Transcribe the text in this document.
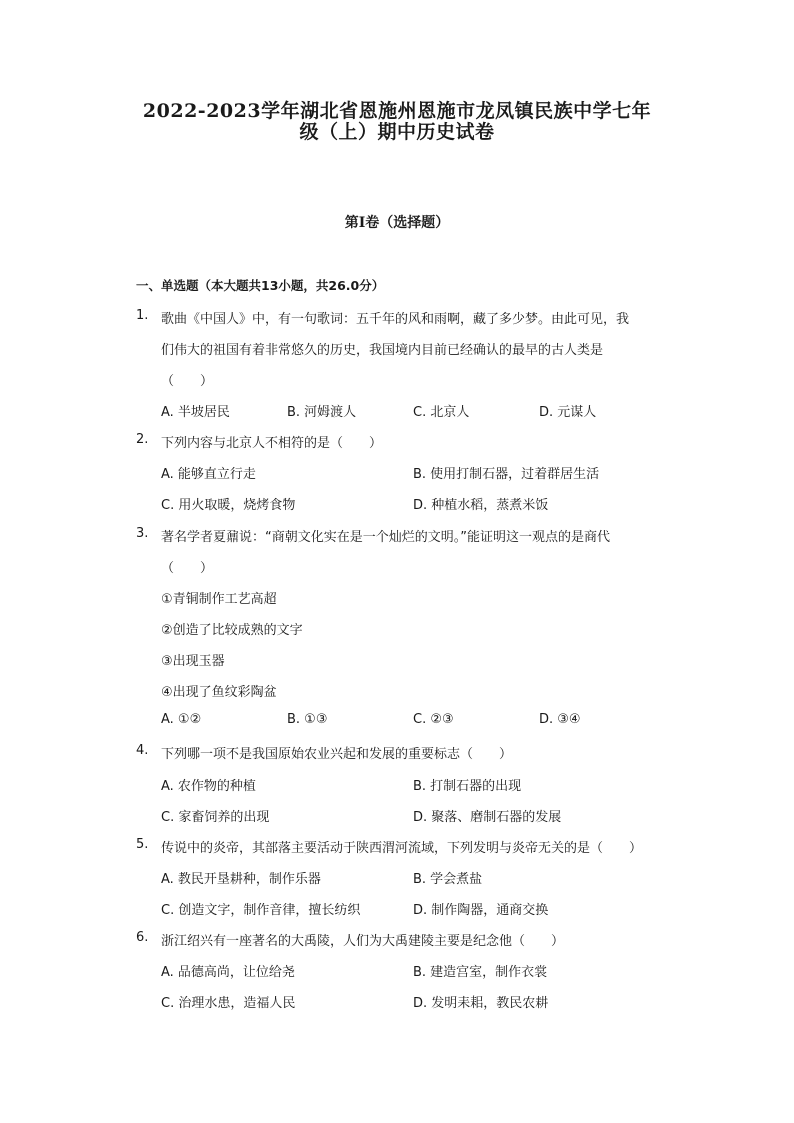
2022-2023学年湖北省恩施州恩施市龙凤镇民族中学七年
级（上）期中历史试卷
第I卷（选择题）
一、单选题（本大题共13小题，共26.0分）
1. 歌曲《中国人》中，有一句歌词：五千年的风和雨啊，藏了多少梦。由此可见，我
们伟大的祖国有着非常悠久的历史，我国境内目前已经确认的最早的古人类是
（　　）
A. 半坡居民	B. 河姆渡人	C. 北京人	D. 元谋人
2. 下列内容与北京人不相符的是（　　）
A. 能够直立行走	B. 使用打制石器，过着群居生活
C. 用火取暖，烧烤食物	D. 种植水稻，蒸煮米饭
3. 著名学者夏鼐说：“商朝文化实在是一个灿烂的文明。”能证明这一观点的是商代
（　　）
①青铜制作工艺高超
②创造了比较成熟的文字
③出现玉器
④出现了鱼纹彩陶盆
A. ①②	B. ①③	C. ②③	D. ③④
4. 下列哪一项不是我国原始农业兴起和发展的重要标志（　　）
A. 农作物的种植	B. 打制石器的出现
C. 家畜饲养的出现	D. 聚落、磨制石器的发展
5. 传说中的炎帝，其部落主要活动于陕西渭河流域，下列发明与炎帝无关的是（　　）
A. 教民开垦耕种，制作乐器	B. 学会煮盐
C. 创造文字，制作音律，擅长纺织	D. 制作陶器，通商交换
6. 浙江绍兴有一座著名的大禹陵，人们为大禹建陵主要是纪念他（　　）
A. 品德高尚，让位给尧	B. 建造宫室，制作衣裳
C. 治理水患，造福人民	D. 发明耒耜，教民农耕
